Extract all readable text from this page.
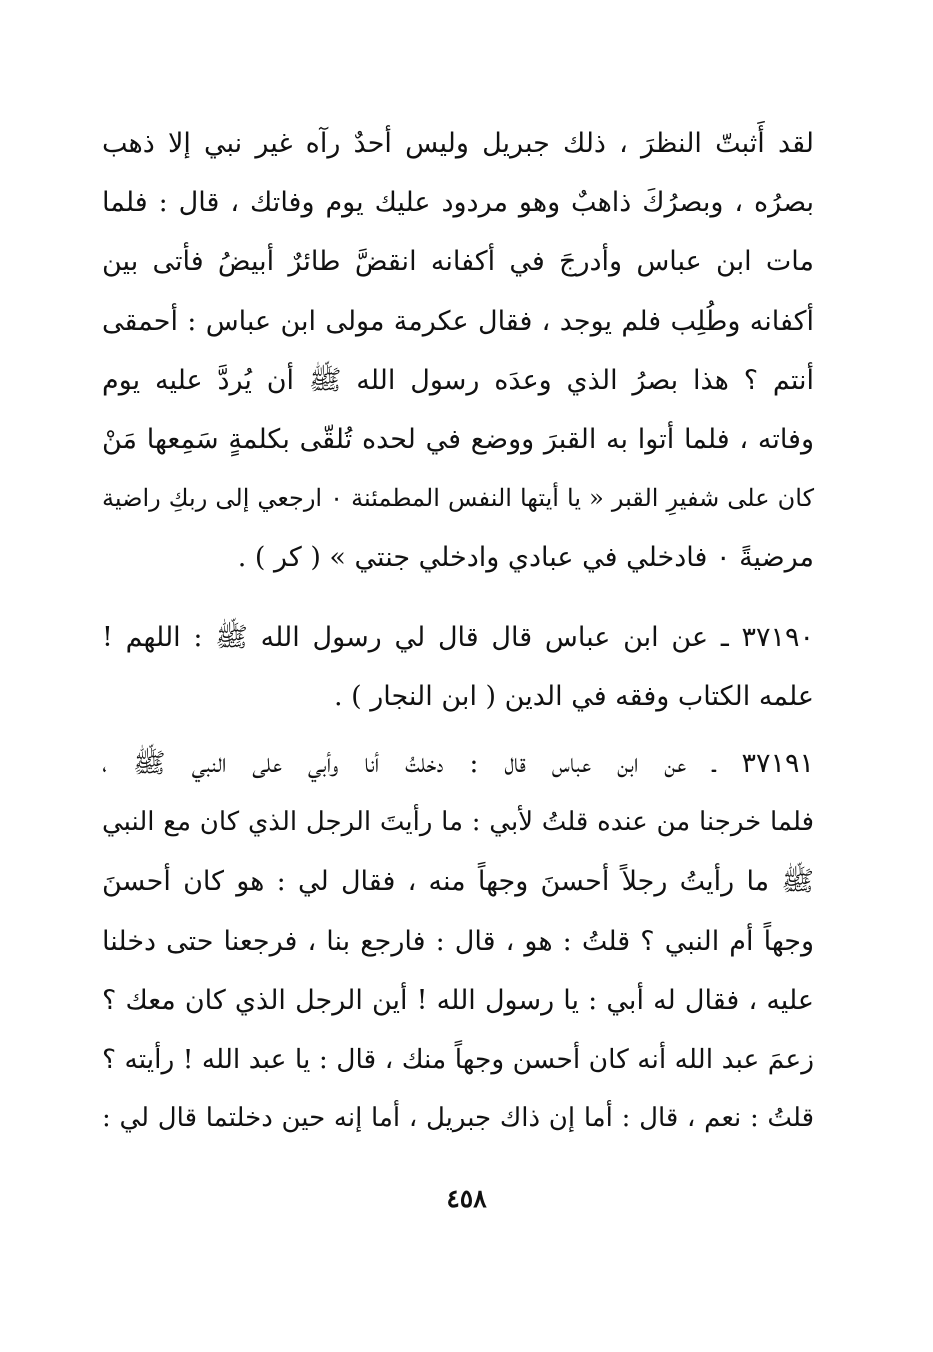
لقد أَثبتّ النظرَ ، ذلك جبريل وليس أحدٌ رآه غير نبي إلا ذهب
بصرُه ، وبصرُكَ ذاهبٌ وهو مردود عليك يوم وفاتك ، قال : فلما
مات ابن عباس وأدرجَ في أكفانه انقضَّ طائرٌ أبيضُ فأتى بين
أكفانه وطُلِب فلم يوجد ، فقال عكرمة مولى ابن عباس : أحمقى
أنتم ؟ هذا بصرُ الذي وعدَه رسول الله ﷺ أن يُردَّ عليه يوم
وفاته ، فلما أتوا به القبرَ ووضع في لحده تُلقّى بكلمةٍ سَمِعها مَنْ
كان على شفيرِ القبر « يا أيتها النفس المطمئنة ٠ ارجعي إلى ربكِ راضية
مرضيةً ٠ فادخلي في عبادي وادخلي جنتي » ( كر ) .
٣٧١٩٠ ـ عن ابن عباس قال قال لي رسول الله ﷺ : اللهم !
علمه الكتاب وفقه في الدين ( ابن النجار ) .
٣٧١٩١ ـ عن ابن عباس قال : دخلتُ أنا وأبي على النبي ﷺ ،
فلما خرجنا من عنده قلتُ لأبي : ما رأيتَ الرجل الذي كان مع النبي
ﷺ ما رأيتُ رجلاً أحسنَ وجهاً منه ، فقال لي : هو كان أحسنَ
وجهاً أم النبي ؟ قلتُ : هو ، قال : فارجع بنا ، فرجعنا حتى دخلنا
عليه ، فقال له أبي : يا رسول الله ! أين الرجل الذي كان معك ؟
زعمَ عبد الله أنه كان أحسن وجهاً منك ، قال : يا عبد الله ! رأيته ؟
قلتُ : نعم ، قال : أما إن ذاك جبريل ، أما إنه حين دخلتما قال لي :
٤٥٨
